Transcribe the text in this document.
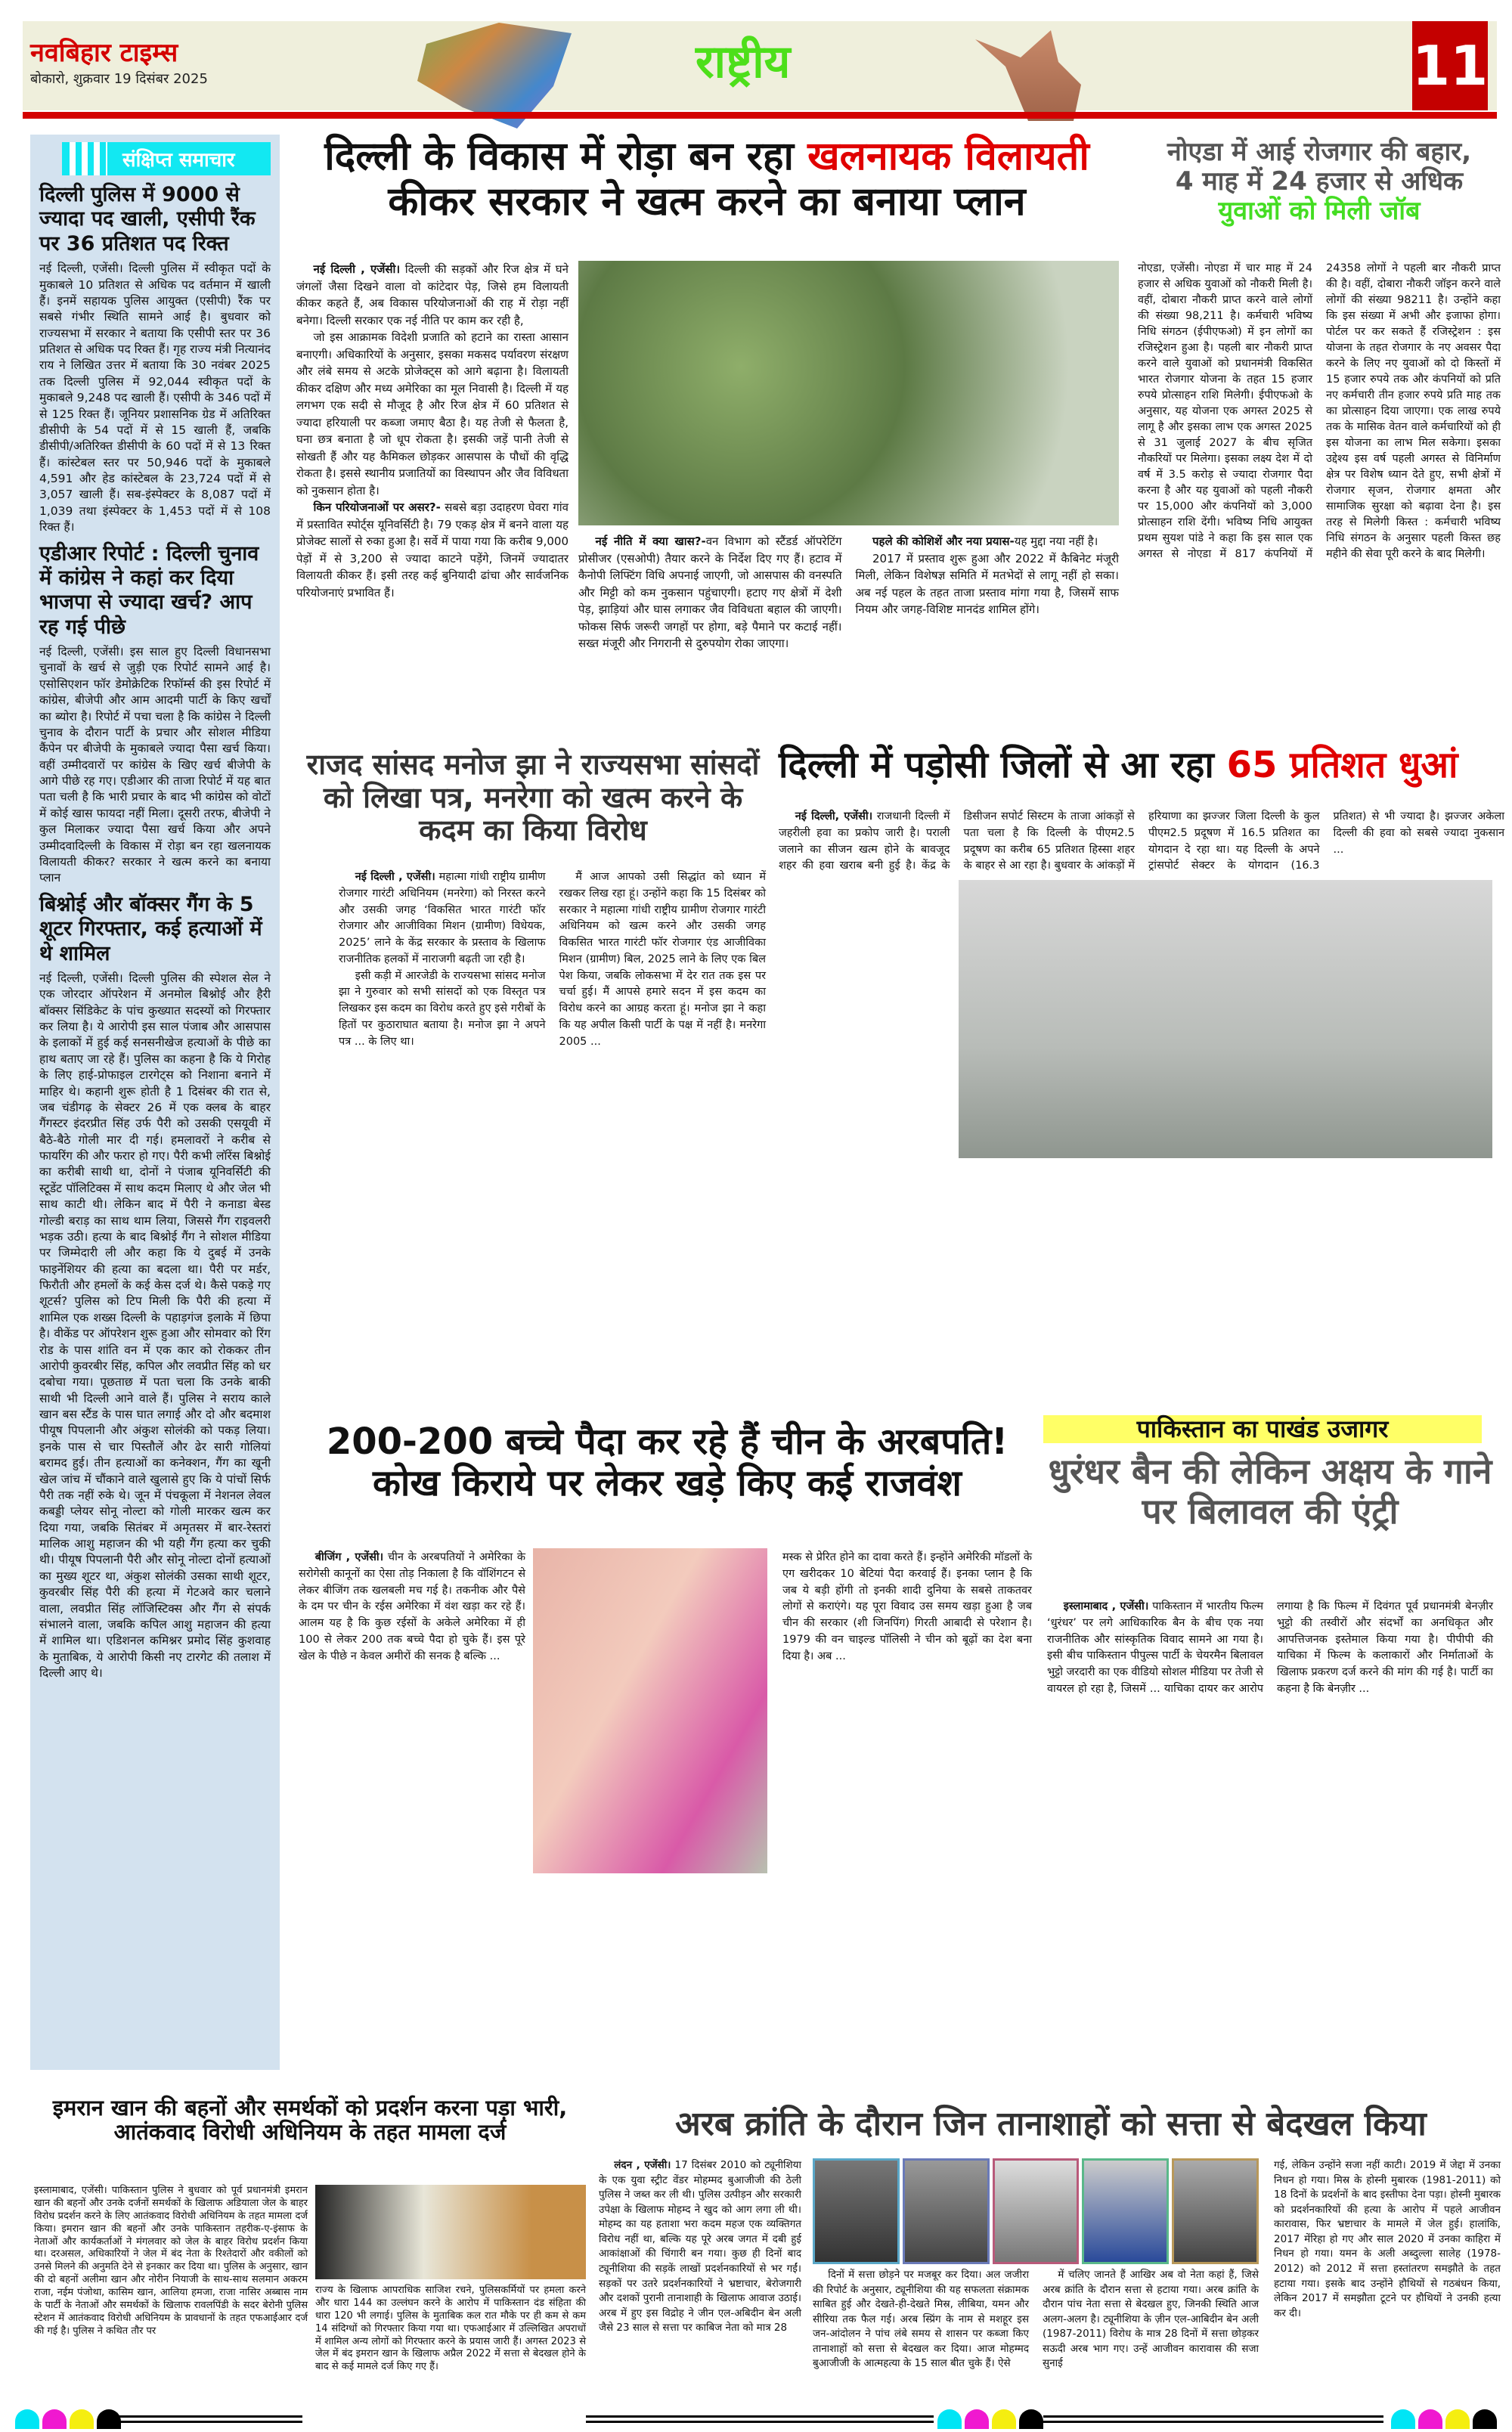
नवबिहार टाइम्स
बोकारो, शुक्रवार 19 दिसंबर 2025	राष्ट्रीय	11
संक्षिप्त समाचार
दिल्ली पुलिस में 9000 से ज्यादा पद खाली, एसीपी रैंक पर 36 प्रतिशत पद रिक्त
नई दिल्ली, एजेंसी। दिल्ली पुलिस में स्वीकृत पदों के मुकाबले 10 प्रतिशत से अधिक पद वर्तमान में खाली हैं। इनमें सहायक पुलिस आयुक्त (एसीपी) रैंक पर सबसे गंभीर स्थिति सामने आई है। बुधवार को राज्यसभा में सरकार ने बताया कि एसीपी स्तर पर 36 प्रतिशत से अधिक पद रिक्त हैं। गृह राज्य मंत्री नित्यानंद राय ने लिखित उत्तर में बताया कि 30 नवंबर 2025 तक दिल्ली पुलिस में 92,044 स्वीकृत पदों के मुकाबले 9,248 पद खाली हैं। एसीपी के 346 पदों में से 125 रिक्त हैं। जूनियर प्रशासनिक ग्रेड में अतिरिक्त डीसीपी के 54 पदों में से 15 खाली हैं, जबकि डीसीपी/अतिरिक्त डीसीपी के 60 पदों में से 13 रिक्त हैं। कांस्टेबल स्तर पर 50,946 पदों के मुकाबले 4,591 और हेड कांस्टेबल के 23,724 पदों में से 3,057 खाली हैं। सब-इंस्पेक्टर के 8,087 पदों में 1,039 तथा इंस्पेक्टर के 1,453 पदों में से 108 रिक्त हैं।
एडीआर रिपोर्ट : दिल्ली चुनाव में कांग्रेस ने कहां कर दिया भाजपा से ज्यादा खर्च? आप रह गई पीछे
नई दिल्ली, एजेंसी। इस साल हुए दिल्ली विधानसभा चुनावों के खर्च से जुड़ी एक रिपोर्ट सामने आई है। एसोसिएशन फॉर डेमोक्रेटिक रिफॉर्म्स की इस रिपोर्ट में कांग्रेस, बीजेपी और आम आदमी पार्टी के किए खर्चों का ब्योरा है। रिपोर्ट में पचा चला है कि कांग्रेस ने दिल्ली चुनाव के दौरान पार्टी के प्रचार और सोशल मीडिया कैंपेन पर बीजेपी के मुकाबले ज्यादा पैसा खर्च किया। वहीं उम्मीदवारों पर कांग्रेस के खिए खर्च बीजेपी के आगे पीछे रह गए। एडीआर की ताजा रिपोर्ट में यह बात पता चली है कि भारी प्रचार के बाद भी कांग्रेस को वोटों में कोई खास फायदा नहीं मिला। दूसरी तरफ, बीजेपी ने कुल मिलाकर ज्यादा पैसा खर्च किया और अपने उम्मीदवादिल्ली के विकास में रोड़ा बन रहा खलनायक विलायती कीकर? सरकार ने खत्म करने का बनाया प्लान
बिश्नोई और बॉक्सर गैंग के 5 शूटर गिरफ्तार, कई हत्याओं में थे शामिल
नई दिल्ली, एजेंसी। दिल्ली पुलिस की स्पेशल सेल ने एक जोरदार ऑपरेशन में अनमोल बिश्नोई और हैरी बॉक्सर सिंडिकेट के पांच कुख्यात सदस्यों को गिरफ्तार कर लिया है। ये आरोपी इस साल पंजाब और आसपास के इलाकों में हुई कई सनसनीखेज हत्याओं के पीछे का हाथ बताए जा रहे हैं। पुलिस का कहना है कि ये गिरोह के लिए हाई-प्रोफाइल टारगेट्स को निशाना बनाने में माहिर थे। कहानी शुरू होती है 1 दिसंबर की रात से, जब चंडीगढ़ के सेक्टर 26 में एक क्लब के बाहर गैंगस्टर इंदरप्रीत सिंह उर्फ पैरी को उसकी एसयूवी में बैठे-बैठे गोली मार दी गई। हमलावरों ने करीब से फायरिंग की और फरार हो गए। पैरी कभी लॉरेंस बिश्नोई का करीबी साथी था, दोनों ने पंजाब यूनिवर्सिटी की स्टूडेंट पॉलिटिक्स में साथ कदम मिलाए थे और जेल भी साथ काटी थी। लेकिन बाद में पैरी ने कनाडा बेस्ड गोल्डी बराड़ का साथ थाम लिया, जिससे गैंग राइवलरी भड़क उठी। हत्या के बाद बिश्नोई गैंग ने सोशल मीडिया पर जिम्मेदारी ली और कहा कि ये दुबई में उनके फाइनेंशियर की हत्या का बदला था। पैरी पर मर्डर, फिरौती और हमलों के कई केस दर्ज थे। कैसे पकड़े गए शूटर्स? पुलिस को टिप मिली कि पैरी की हत्या में शामिल एक शख्स दिल्ली के पहाड़गंज इलाके में छिपा है। वीकेंड पर ऑपरेशन शुरू हुआ और सोमवार को रिंग रोड के पास शांति वन में एक कार को रोककर तीन आरोपी कुवरबीर सिंह, कपिल और लवप्रीत सिंह को धर दबोचा गया। पूछताछ में पता चला कि उनके बाकी साथी भी दिल्ली आने वाले हैं। पुलिस ने सराय काले खान बस स्टैंड के पास घात लगाई और दो और बदमाश पीयूष पिपलानी और अंकुश सोलंकी को पकड़ लिया। इनके पास से चार पिस्तौलें और ढेर सारी गोलियां बरामद हुई। तीन हत्याओं का कनेक्शन, गैंग का खूनी खेल जांच में चौंकाने वाले खुलासे हुए कि ये पांचों सिर्फ पैरी तक नहीं रुके थे। जून में पंचकूला में नेशनल लेवल कबड्डी प्लेयर सोनू नोल्टा को गोली मारकर खत्म कर दिया गया, जबकि सितंबर में अमृतसर में बार-रेस्तरां मालिक आशु महाजन की भी यही गैंग हत्या कर चुकी थी। पीयूष पिपलानी पैरी और सोनू नोल्टा दोनों हत्याओं का मुख्य शूटर था, अंकुश सोलंकी उसका साथी शूटर, कुवरबीर सिंह पैरी की हत्या में गेटअवे कार चलाने वाला, लवप्रीत सिंह लॉजिस्टिक्स और गैंग से संपर्क संभालने वाला, जबकि कपिल आशु महाजन की हत्या में शामिल था। एडिशनल कमिश्नर प्रमोद सिंह कुशवाह के मुताबिक, ये आरोपी किसी नए टारगेट की तलाश में दिल्ली आए थे।
दिल्ली के विकास में रोड़ा बन रहा खलनायक विलायती
कीकर सरकार ने खत्म करने का बनाया प्लान

नई दिल्ली , एजेंसी। दिल्ली की सड़कों और रिज क्षेत्र में घने जंगलों जैसा दिखने वाला वो कांटेदार पेड़, जिसे हम विलायती कीकर कहते हैं, अब विकास परियोजनाओं की राह में रोड़ा नहीं बनेगा। दिल्ली सरकार एक नई नीति पर काम कर रही है,

जो इस आक्रामक विदेशी प्रजाति को हटाने का रास्ता आसान बनाएगी। अधिकारियों के अनुसार, इसका मकसद पर्यावरण संरक्षण और लंबे समय से अटके प्रोजेक्ट्स को आगे बढ़ाना है। विलायती कीकर दक्षिण और मध्य अमेरिका का मूल निवासी है। दिल्ली में यह लगभग एक सदी से मौजूद है और रिज क्षेत्र में 60 प्रतिशत से ज्यादा हरियाली पर कब्जा जमाए बैठा है। यह तेजी से फैलता है, घना छत्र बनाता है जो धूप रोकता है। इसकी जड़ें पानी तेजी से सोखती हैं और यह कैमिकल छोड़कर आसपास के पौधों की वृद्धि रोकता है। इससे स्थानीय प्रजातियों का विस्थापन और जैव विविधता को नुकसान होता है।

किन परियोजनाओं पर असर?- सबसे बड़ा उदाहरण घेवरा गांव में प्रस्तावित स्पोर्ट्स यूनिवर्सिटी है। 79 एकड़ क्षेत्र में बनने वाला यह प्रोजेक्ट सालों से रुका हुआ है। सर्वे में पाया गया कि करीब 9,000 पेड़ों में से 3,200 से ज्यादा काटने पड़ेंगे, जिनमें ज्यादातर विलायती कीकर हैं। इसी तरह कई बुनियादी ढांचा और सार्वजनिक परियोजनाएं प्रभावित हैं।

नई नीति में क्या खास?-वन विभाग को स्टैंडर्ड ऑपरेटिंग प्रोसीजर (एसओपी) तैयार करने के निर्देश दिए गए हैं। हटाव में कैनोपी लिफ्टिंग विधि अपनाई जाएगी, जो आसपास की वनस्पति और मिट्टी को कम नुकसान पहुंचाएगी। हटाए गए क्षेत्रों में देशी पेड़, झाड़ियां और घास लगाकर जैव विविधता बहाल की जाएगी। फोकस सिर्फ जरूरी जगहों पर होगा, बड़े पैमाने पर कटाई नहीं। सख्त मंजूरी और निगरानी से दुरुपयोग रोका जाएगा।

पहले की कोशिशें और नया प्रयास-यह मुद्दा नया नहीं है।

2017 में प्रस्ताव शुरू हुआ और 2022 में कैबिनेट मंजूरी मिली, लेकिन विशेषज्ञ समिति में मतभेदों से लागू नहीं हो सका। अब नई पहल के तहत ताजा प्रस्ताव मांगा गया है, जिसमें साफ नियम और जगह-विशिष्ट मानदंड शामिल होंगे।

नोएडा में आई रोजगार की बहार,
4 माह में 24 हजार से अधिक
युवाओं को मिली जॉब
नोएडा, एजेंसी। नोएडा में चार माह में 24 हजार से अधिक युवाओं को नौकरी मिली है। वहीं, दोबारा नौकरी प्राप्त करने वाले लोगों की संख्या 98,211 है। कर्मचारी भविष्य निधि संगठन (ईपीएफओ) में इन लोगों का रजिस्ट्रेशन हुआ है। पहली बार नौकरी प्राप्त करने वाले युवाओं को प्रधानमंत्री विकसित भारत रोजगार योजना के तहत 15 हजार रुपये प्रोत्साहन राशि मिलेगी। ईपीएफओ के अनुसार, यह योजना एक अगस्त 2025 से लागू है और इसका लाभ एक अगस्त 2025 से 31 जुलाई 2027 के बीच सृजित नौकरियों पर मिलेगा। इसका लक्ष्य देश में दो वर्ष में 3.5 करोड़ से ज्यादा रोजगार पैदा करना है और यह युवाओं को पहली नौकरी पर 15,000 और कंपनियों को 3,000 प्रोत्साहन राशि देंगी। भविष्य निधि आयुक्त प्रथम सुयश पांडे ने कहा कि इस साल एक अगस्त से नोएडा में 817 कंपनियों में 24358 लोगों ने पहली बार नौकरी प्राप्त की है। वहीं, दोबारा नौकरी जॉइन करने वाले लोगों की संख्या 98211 है। उन्होंने कहा कि इस संख्या में अभी और इजाफा होगा। पोर्टल पर कर सकते हैं रजिस्ट्रेशन : इस योजना के तहत रोजगार के नए अवसर पैदा करने के लिए नए युवाओं को दो किस्तों में 15 हजार रुपये तक और कंपनियों को प्रति नए कर्मचारी तीन हजार रुपये प्रति माह तक का प्रोत्साहन दिया जाएगा। एक लाख रुपये तक के मासिक वेतन वाले कर्मचारियों को ही इस योजना का लाभ मिल सकेगा। इसका उद्देश्य इस वर्ष पहली अगस्त से विनिर्माण क्षेत्र पर विशेष ध्यान देते हुए, सभी क्षेत्रों में रोजगार सृजन, रोजगार क्षमता और सामाजिक सुरक्षा को बढ़ावा देना है। इस तरह से मिलेगी किस्त : कर्मचारी भविष्य निधि संगठन के अनुसार पहली किस्त छह महीने की सेवा पूरी करने के बाद मिलेगी।
राजद सांसद मनोज झा ने राज्यसभा सांसदों को लिखा पत्र, मनरेगा को खत्म करने के कदम का किया विरोध

नई दिल्ली , एजेंसी। महात्मा गांधी राष्ट्रीय ग्रामीण रोजगार गारंटी अधिनियम (मनरेगा) को निरस्त करने और उसकी जगह ‘विकसित भारत गारंटी फॉर रोजगार और आजीविका मिशन (ग्रामीण) विधेयक, 2025’ लाने के केंद्र सरकार के प्रस्ताव के खिलाफ राजनीतिक हलकों में नाराजगी बढ़ती जा रही है।

इसी कड़ी में आरजेडी के राज्यसभा सांसद मनोज झा ने गुरुवार को सभी सांसदों को एक विस्तृत पत्र लिखकर इस कदम का विरोध करते हुए इसे गरीबों के हितों पर कुठाराघात बताया है। मनोज झा ने अपने पत्र ... के लिए था।

मैं आज आपको उसी सिद्धांत को ध्यान में रखकर लिख रहा हूं। उन्होंने कहा कि 15 दिसंबर को सरकार ने महात्मा गांधी राष्ट्रीय ग्रामीण रोजगार गारंटी अधिनियम को खत्म करने और उसकी जगह विकसित भारत गारंटी फॉर रोजगार एंड आजीविका मिशन (ग्रामीण) बिल, 2025 लाने के लिए एक बिल पेश किया, जबकि लोकसभा में देर रात तक इस पर चर्चा हुई। मैं आपसे हमारे सदन में इस कदम का विरोध करने का आग्रह करता हूं। मनोज झा ने कहा कि यह अपील किसी पार्टी के पक्ष में नहीं है। मनरेगा 2005 ...

दिल्ली में पड़ोसी जिलों से आ रहा 65 प्रतिशत धुआं

नई दिल्ली, एजेंसी। राजधानी दिल्ली में जहरीली हवा का प्रकोप जारी है। पराली जलाने का सीजन खत्म होने के बावजूद शहर की हवा खराब बनी हुई है। केंद्र के डिसीजन सपोर्ट सिस्टम के ताजा आंकड़ों से पता चला है कि दिल्ली के पीएम2.5 प्रदूषण का करीब 65 प्रतिशत हिस्सा शहर के बाहर से आ रहा है। बुधवार के आंकड़ों में हरियाणा का झज्जर जिला दिल्ली के कुल पीएम2.5 प्रदूषण में 16.5 प्रतिशत का योगदान दे रहा था। यह दिल्ली के अपने ट्रांसपोर्ट सेक्टर के योगदान (16.3 प्रतिशत) से भी ज्यादा है। झज्जर अकेला दिल्ली की हवा को सबसे ज्यादा नुकसान ...

200-200 बच्चे पैदा कर रहे हैं चीन के अरबपति!
कोख किराये पर लेकर खड़े किए कई राजवंश

बीजिंग , एजेंसी। चीन के अरबपतियों ने अमेरिका के सरोगेसी कानूनों का ऐसा तोड़ निकाला है कि वॉशिंगटन से लेकर बीजिंग तक खलबली मच गई है। तकनीक और पैसे के दम पर चीन के रईस अमेरिका में वंश खड़ा कर रहे हैं। आलम यह है कि कुछ रईसों के अकेले अमेरिका में ही 100 से लेकर 200 तक बच्चे पैदा हो चुके हैं। इस पूरे खेल के पीछे न केवल अमीरों की सनक है बल्कि ...

मस्क से प्रेरित होने का दावा करते हैं। इन्होंने अमेरिकी मॉडलों के एग खरीदकर 10 बेटियां पैदा करवाई हैं। इनका प्लान है कि जब ये बड़ी होंगी तो इनकी शादी दुनिया के सबसे ताकतवर लोगों से कराएंगे। यह पूरा विवाद उस समय खड़ा हुआ है जब चीन की सरकार (शी जिनपिंग) गिरती आबादी से परेशान है। 1979 की वन चाइल्ड पॉलिसी ने चीन को बूढ़ों का देश बना दिया है। अब ...
पाकिस्तान का पाखंड उजागर
धुरंधर बैन की लेकिन अक्षय के गाने पर बिलावल की एंट्री

इस्लामाबाद , एजेंसी। पाकिस्तान में भारतीय फिल्म ‘धुरंधर’ पर लगे आधिकारिक बैन के बीच एक नया राजनीतिक और सांस्कृतिक विवाद सामने आ गया है। इसी बीच पाकिस्तान पीपुल्स पार्टी के चेयरमैन बिलावल भुट्टो जरदारी का एक वीडियो सोशल मीडिया पर तेजी से वायरल हो रहा है, जिसमें ... याचिका दायर कर आरोप लगाया है कि फिल्म में दिवंगत पूर्व प्रधानमंत्री बेनज़ीर भुट्टो की तस्वीरों और संदर्भों का अनधिकृत और आपत्तिजनक इस्तेमाल किया गया है। पीपीपी की याचिका में फिल्म के कलाकारों और निर्माताओं के खिलाफ प्रकरण दर्ज करने की मांग की गई है। पार्टी का कहना है कि बेनज़ीर ...

इमरान खान की बहनों और समर्थकों को प्रदर्शन करना पड़ा भारी, आतंकवाद विरोधी अधिनियम के तहत मामला दर्ज
इस्लामाबाद, एजेंसी। पाकिस्तान पुलिस ने बुधवार को पूर्व प्रधानमंत्री इमरान खान की बहनों और उनके दर्जनों समर्थकों के खिलाफ अडियाला जेल के बाहर विरोध प्रदर्शन करने के लिए आतंकवाद विरोधी अधिनियम के तहत मामला दर्ज किया। इमरान खान की बहनों और उनके पाकिस्तान तहरीक-ए-इंसाफ के नेताओं और कार्यकर्ताओं ने मंगलवार को जेल के बाहर विरोध प्रदर्शन किया था। दरअसल, अधिकारियों ने जेल में बंद नेता के रिश्तेदारों और वकीलों को उनसे मिलने की अनुमति देने से इनकार कर दिया था। पुलिस के अनुसार, खान की दो बहनों अलीमा खान और नोरीन नियाजी के साथ-साथ सलमान अकरम राजा, नईम पंजोथा, कासिम खान, आलिया हमजा, राजा नासिर अब्बास नाम के पार्टी के नेताओं और समर्थकों के खिलाफ रावलपिंडी के सदर बेरोनी पुलिस स्टेशन में आतंकवाद विरोधी अधिनियम के प्रावधानों के तहत एफआईआर दर्ज की गई है। पुलिस ने कथित तौर पर
राज्य के खिलाफ आपराधिक साजिश रचने, पुलिसकर्मियों पर हमला करने और धारा 144 का उल्लंघन करने के आरोप में पाकिस्तान दंड संहिता की धारा 120 भी लगाई। पुलिस के मुताबिक कल रात मौके पर ही कम से कम 14 संदिग्धों को गिरफ्तार किया गया था। एफआईआर में उल्लिखित अपराधों में शामिल अन्य लोगों को गिरफ्तार करने के प्रयास जारी हैं। अगस्त 2023 से जेल में बंद इमरान खान के खिलाफ अप्रैल 2022 में सत्ता से बेदखल होने के बाद से कई मामले दर्ज किए गए हैं।
अरब क्रांति के दौरान जिन तानाशाहों को सत्ता से बेदखल किया

लंदन , एजेंसी। 17 दिसंबर 2010 को ट्यूनीशिया के एक युवा स्ट्रीट वेंडर मोहम्मद बुआजीजी की ठेली पुलिस ने जब्त कर ली थी। पुलिस उत्पीड़न और सरकारी उपेक्षा के खिलाफ मोहम्द ने खुद को आग लगा ली थी। मोहम्द का यह हताशा भरा कदम महज एक व्यक्तिगत विरोध नहीं था, बल्कि यह पूरे अरब जगत में दबी हुई आकांक्षाओं की चिंगारी बन गया। कुछ ही दिनों बाद ट्यूनीशिया की सड़कें लाखों प्रदर्शनकारियों से भर गईं। सड़कों पर उतरे प्रदर्शनकारियों ने भ्रष्टाचार, बेरोजगारी और दशकों पुरानी तानाशाही के खिलाफ आवाज उठाई। अरब में हुए इस विद्रोह ने जीन एल-अबिदीन बेन अली जैसे 23 साल से सत्ता पर काबिज नेता को मात्र 28

दिनों में सत्ता छोड़ने पर मजबूर कर दिया। अल जजीरा की रिपोर्ट के अनुसार, ट्यूनीशिया की यह सफलता संक्रामक साबित हुई और देखते-ही-देखते मिस्र, लीबिया, यमन और सीरिया तक फैल गई। अरब स्प्रिंग के नाम से मशहूर इस जन-आंदोलन ने पांच लंबे समय से शासन पर कब्जा किए तानाशाहों को सत्ता से बेदखल कर दिया। आज मोहम्मद बुआजीजी के आत्महत्या के 15 साल बीत चुके हैं। ऐसे

में चलिए जानते हैं आखिर अब वो नेता कहां हैं, जिसे अरब क्रांति के दौरान सत्ता से हटाया गया। अरब क्रांति के दौरान पांच नेता सत्ता से बेदखल हुए, जिनकी स्थिति आज अलग-अलग है। ट्यूनीशिया के ज़ीन एल-आबिदीन बेन अली (1987-2011) विरोध के मात्र 28 दिनों में सत्ता छोड़कर सऊदी अरब भाग गए। उन्हें आजीवन कारावास की सजा सुनाई

गई, लेकिन उन्होंने सजा नहीं काटी। 2019 में जेद्दा में उनका निधन हो गया। मिस्र के होस्नी मुबारक (1981-2011) को 18 दिनों के प्रदर्शनों के बाद इस्तीफा देना पड़ा। होस्नी मुबारक को प्रदर्शनकारियों की हत्या के आरोप में पहले आजीवन कारावास, फिर भ्रष्टाचार के मामले में जेल हुई। हालांकि, 2017 मेंरिहा हो गए और साल 2020 में उनका काहिरा में निधन हो गया। यमन के अली अब्दुल्ला सालेह (1978-2012) को 2012 में सत्ता हस्तांतरण समझौते के तहत हटाया गया। इसके बाद उन्होंने हौथियों से गठबंधन किया, लेकिन 2017 में समझौता टूटने पर हौथियों ने उनकी हत्या कर दी।
